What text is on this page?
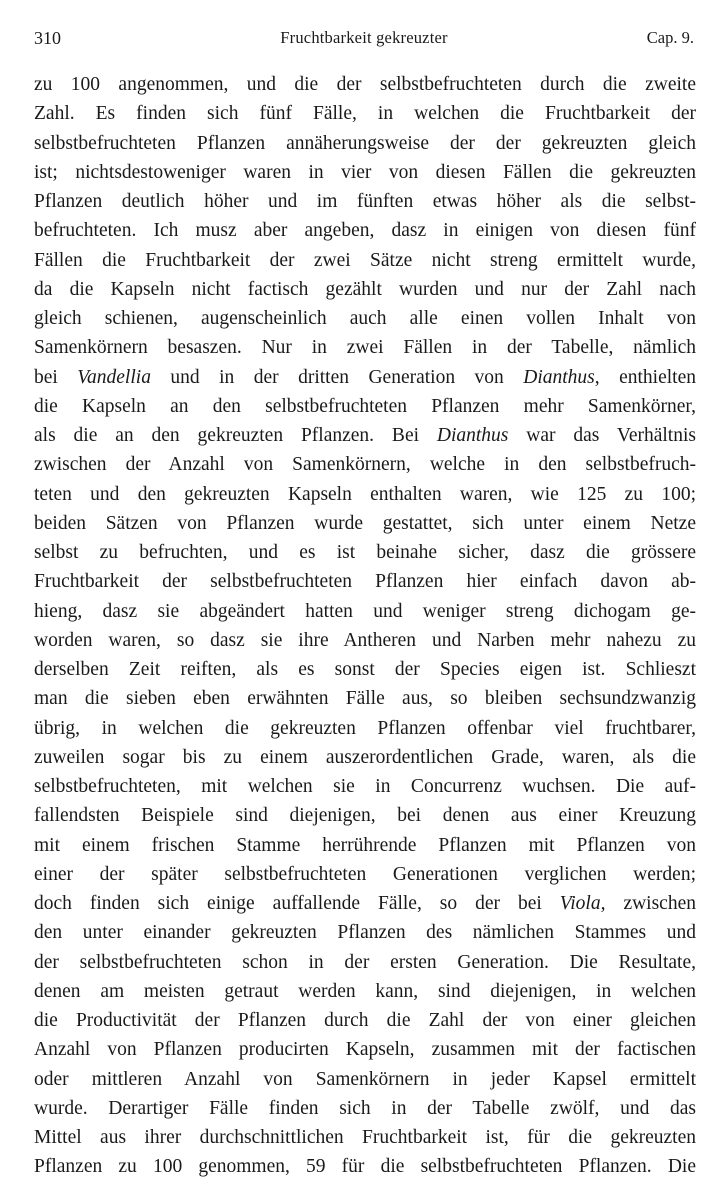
310	Fruchtbarkeit gekreuzter	Cap. 9.
zu 100 angenommen, und die der selbstbefruchteten durch die zweite
Zahl. Es finden sich fünf Fälle, in welchen die Fruchtbarkeit der
selbstbefruchteten Pflanzen annäherungsweise der der gekreuzten gleich
ist; nichtsdestoweniger waren in vier von diesen Fällen die gekreuzten
Pflanzen deutlich höher und im fünften etwas höher als die selbst-
befruchteten. Ich musz aber angeben, dasz in einigen von diesen fünf
Fällen die Fruchtbarkeit der zwei Sätze nicht streng ermittelt wurde,
da die Kapseln nicht factisch gezählt wurden und nur der Zahl nach
gleich schienen, augenscheinlich auch alle einen vollen Inhalt von
Samenkörnern besaszen. Nur in zwei Fällen in der Tabelle, nämlich
bei Vandellia und in der dritten Generation von Dianthus, enthielten
die Kapseln an den selbstbefruchteten Pflanzen mehr Samenkörner,
als die an den gekreuzten Pflanzen. Bei Dianthus war das Verhältnis
zwischen der Anzahl von Samenkörnern, welche in den selbstbefruch-
teten und den gekreuzten Kapseln enthalten waren, wie 125 zu 100;
beiden Sätzen von Pflanzen wurde gestattet, sich unter einem Netze
selbst zu befruchten, und es ist beinahe sicher, dasz die grössere
Fruchtbarkeit der selbstbefruchteten Pflanzen hier einfach davon ab-
hieng, dasz sie abgeändert hatten und weniger streng dichogam ge-
worden waren, so dasz sie ihre Antheren und Narben mehr nahezu zu
derselben Zeit reiften, als es sonst der Species eigen ist. Schlieszt
man die sieben eben erwähnten Fälle aus, so bleiben sechsundzwanzig
übrig, in welchen die gekreuzten Pflanzen offenbar viel fruchtbarer,
zuweilen sogar bis zu einem auszerordentlichen Grade, waren, als die
selbstbefruchteten, mit welchen sie in Concurrenz wuchsen. Die auf-
fallendsten Beispiele sind diejenigen, bei denen aus einer Kreuzung
mit einem frischen Stamme herrührende Pflanzen mit Pflanzen von
einer der später selbstbefruchteten Generationen verglichen werden;
doch finden sich einige auffallende Fälle, so der bei Viola, zwischen
den unter einander gekreuzten Pflanzen des nämlichen Stammes und
der selbstbefruchteten schon in der ersten Generation. Die Resultate,
denen am meisten getraut werden kann, sind diejenigen, in welchen
die Productivität der Pflanzen durch die Zahl der von einer gleichen
Anzahl von Pflanzen producirten Kapseln, zusammen mit der factischen
oder mittleren Anzahl von Samenkörnern in jeder Kapsel ermittelt
wurde. Derartiger Fälle finden sich in der Tabelle zwölf, und das
Mittel aus ihrer durchschnittlichen Fruchtbarkeit ist, für die gekreuzten
Pflanzen zu 100 genommen, 59 für die selbstbefruchteten Pflanzen. Die
